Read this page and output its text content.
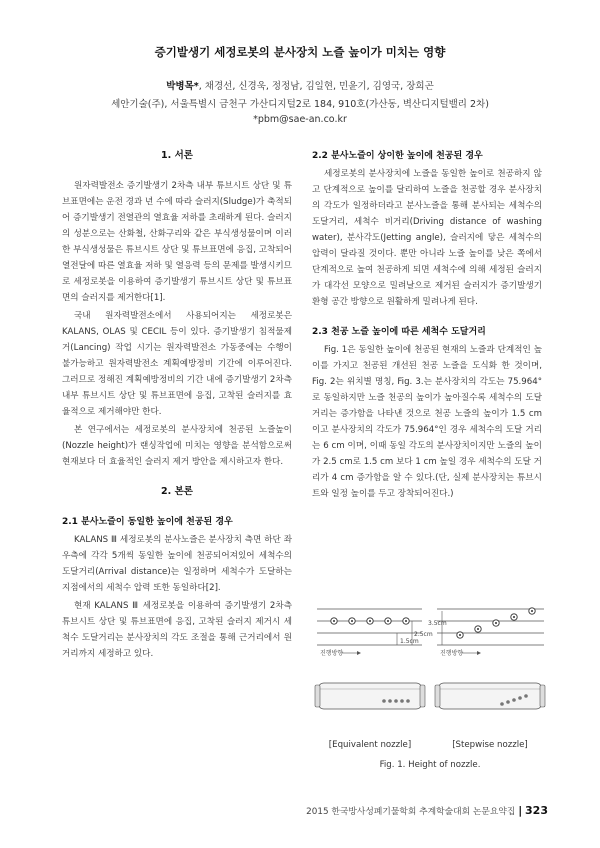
증기발생기 세정로봇의 분사장치 노즐 높이가 미치는 영향
박병목*, 채경선, 신경욱, 정정남, 김일현, 민윤기, 김영국, 장희곤
세안기술(주), 서울특별시 금천구 가산디지털2로 184, 910호(가산동, 벽산디지털밸리 2차)
*pbm@sae-an.co.kr
1. 서론

원자력발전소 증기발생기 2차측 내부 튜브시트 상단 및 튜브표면에는 운전 경과 년 수에 따라 슬러지(Sludge)가 축적되어 증기발생기 전열관의 열효율 저하를 초래하게 된다. 슬러지의 성분으로는 산화철, 산화구리와 같은 부식생성물이며 이러한 부식생성물은 튜브시트 상단 및 튜브표면에 응집, 고착되어 열전달에 따른 열효율 저하 및 열응력 등의 문제를 발생시키므로 세정로봇을 이용하여 증기발생기 튜브시트 상단 및 튜브표면의 슬러지를 제거한다[1].

국내 원자력발전소에서 사용되어지는 세정로봇은 KALANS, OLAS 및 CECIL 등이 있다. 증기발생기 침적물제거(Lancing) 작업 시기는 원자력발전소 가동중에는 수행이 불가능하고 원자력발전소 계획예방정비 기간에 이루어진다. 그러므로 정해진 계획예방정비의 기간 내에 증기발생기 2차측 내부 튜브시트 상단 및 튜브표면에 응집, 고착된 슬러지를 효율적으로 제거해야만 한다.

본 연구에서는 세정로봇의 분사장치에 천공된 노즐높이(Nozzle height)가 랜싱작업에 미치는 영향을 분석함으로써 현재보다 더 효율적인 슬러지 제거 방안을 제시하고자 한다.

2. 본론
2.1 분사노즐이 동일한 높이에 천공된 경우

KALANS Ⅲ 세정로봇의 분사노즐은 분사장치 측면 하단 좌우측에 각각 5개씩 동일한 높이에 천공되어져있어 세척수의 도달거리(Arrival distance)는 일정하며 세척수가 도달하는 지점에서의 세척수 압력 또한 동일하다[2].

현재 KALANS Ⅲ 세정로봇을 이용하여 증기발생기 2차측 튜브시트 상단 및 튜브표면에 응집, 고착된 슬러지 제거시 세척수 도달거리는 분사장치의 각도 조절을 통해 근거리에서 원거리까지 세정하고 있다.

2.2 분사노즐이 상이한 높이에 천공된 경우

세정로봇의 분사장치에 노즐을 동일한 높이로 천공하지 않고 단계적으로 높이를 달리하여 노즐을 천공할 경우 분사장치의 각도가 일정하더라고 분사노즐을 통해 분사되는 세척수의 도달거리, 세척수 비거리(Driving distance of washing water), 분사각도(Jetting angle), 슬러지에 닿은 세척수의 압력이 달라질 것이다. 뿐만 아니라 노즐 높이를 낮은 쪽에서 단계적으로 높여 천공하게 되면 세척수에 의해 세정된 슬러지가 대각선 모양으로 밀려날으로 제거된 슬러지가 증기발생기 환형 공간 방향으로 원활하게 밀려나게 된다.

2.3 천공 노즐 높이에 따른 세척수 도달거리

Fig. 1은 동일한 높이에 천공된 현재의 노즐과 단계적인 높이를 가지고 천공된 개선된 천공 노즐을 도식화 한 것이며, Fig. 2는 위치별 명칭, Fig. 3.는 분사장치의 각도는 75.964°로 동일하지만 노즐 천공의 높이가 높아질수록 세척수의 도달거리는 증가함을 나타낸 것으로 천공 노즐의 높이가 1.5 cm 이고 분사장치의 각도가 75.964°인 경우 세척수의 도달 거리는 6 cm 이며, 이때 동일 각도의 분사장치이지만 노즐의 높이가 2.5 cm로 1.5 cm 보다 1 cm 높일 경우 세척수의 도달 거리가 4 cm 증가함을 알 수 있다.(단, 실제 분사장치는 튜브시트와 일정 높이를 두고 장착되어진다.)

2.5cm
1.5cm
진행방향
3.5cm
진행방향
[Equivalent nozzle]	[Stepwise nozzle]
Fig. 1. Height of nozzle.
2015 한국방사성폐기물학회 추계학술대회 논문요약집 | 323
